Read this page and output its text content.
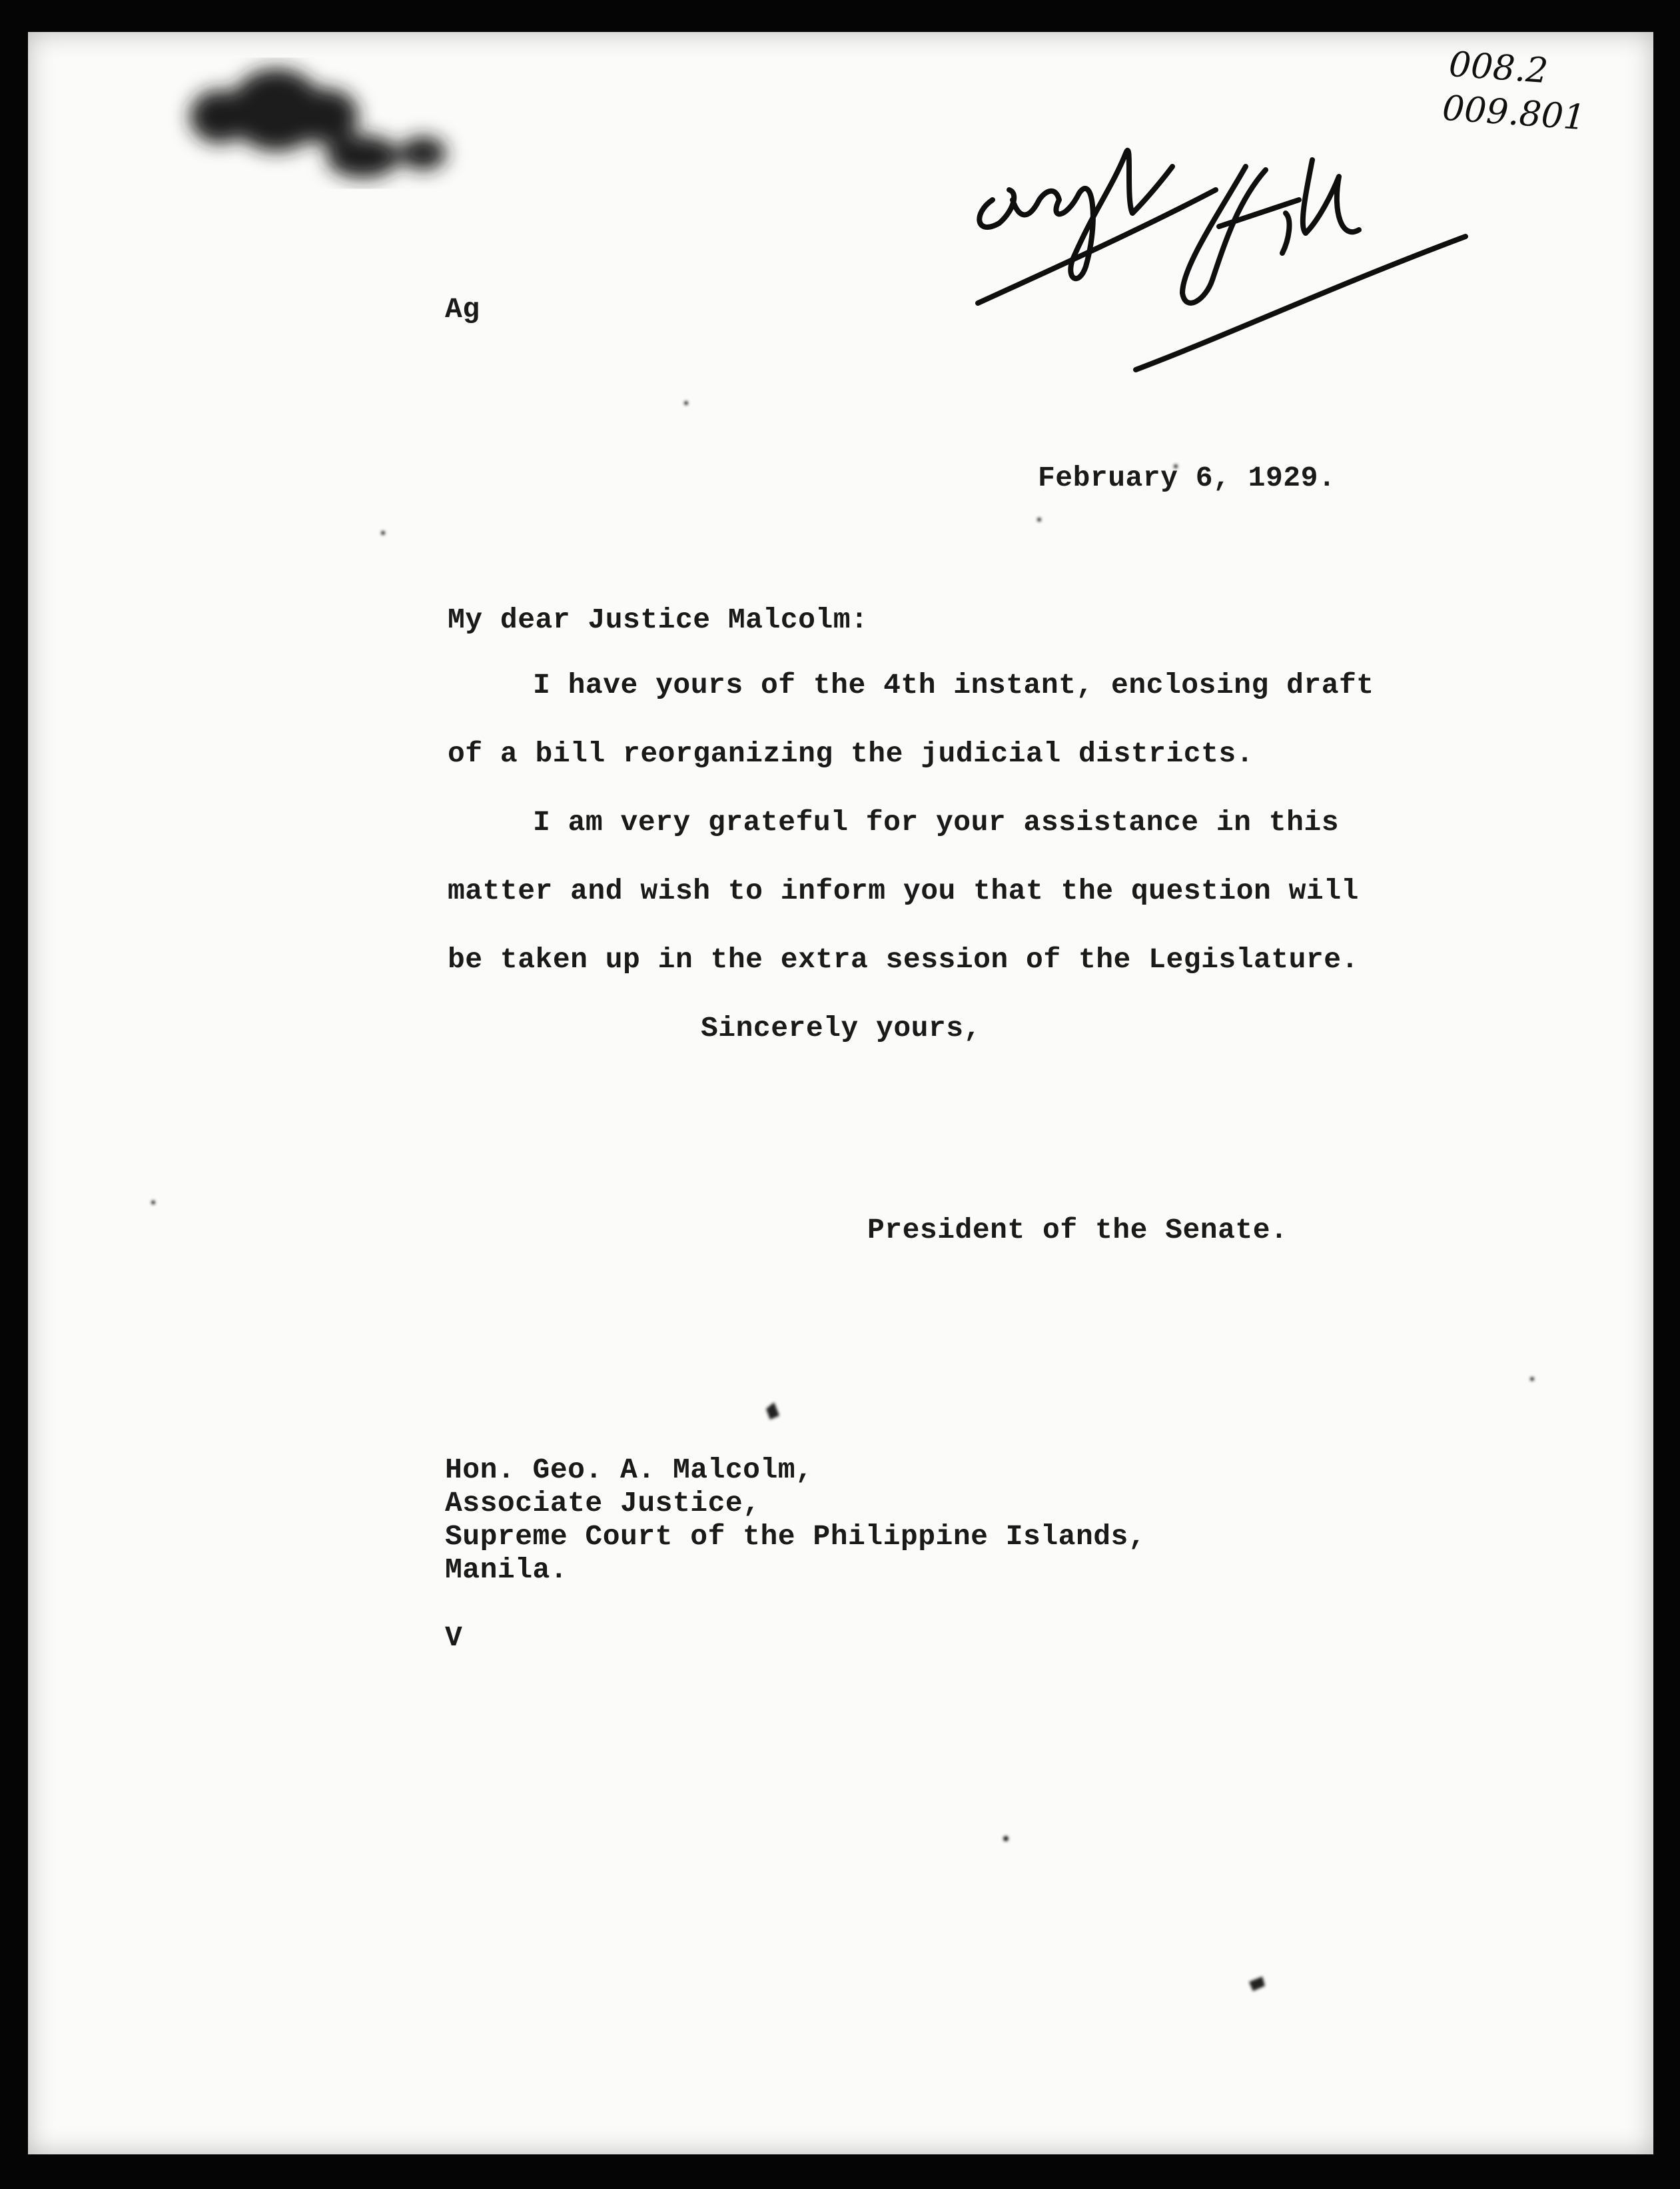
008.2
009.801
Ag
February 6, 1929.
My dear Justice Malcolm:
I have yours of the 4th instant, enclosing draft
of a bill reorganizing the judicial districts.
I am very grateful for your assistance in this
matter and wish to inform you that the question will
be taken up in the extra session of the Legislature.
Sincerely yours,
President of the Senate.
Hon. Geo. A. Malcolm,
Associate Justice,
Supreme Court of the Philippine Islands,
Manila.
V
